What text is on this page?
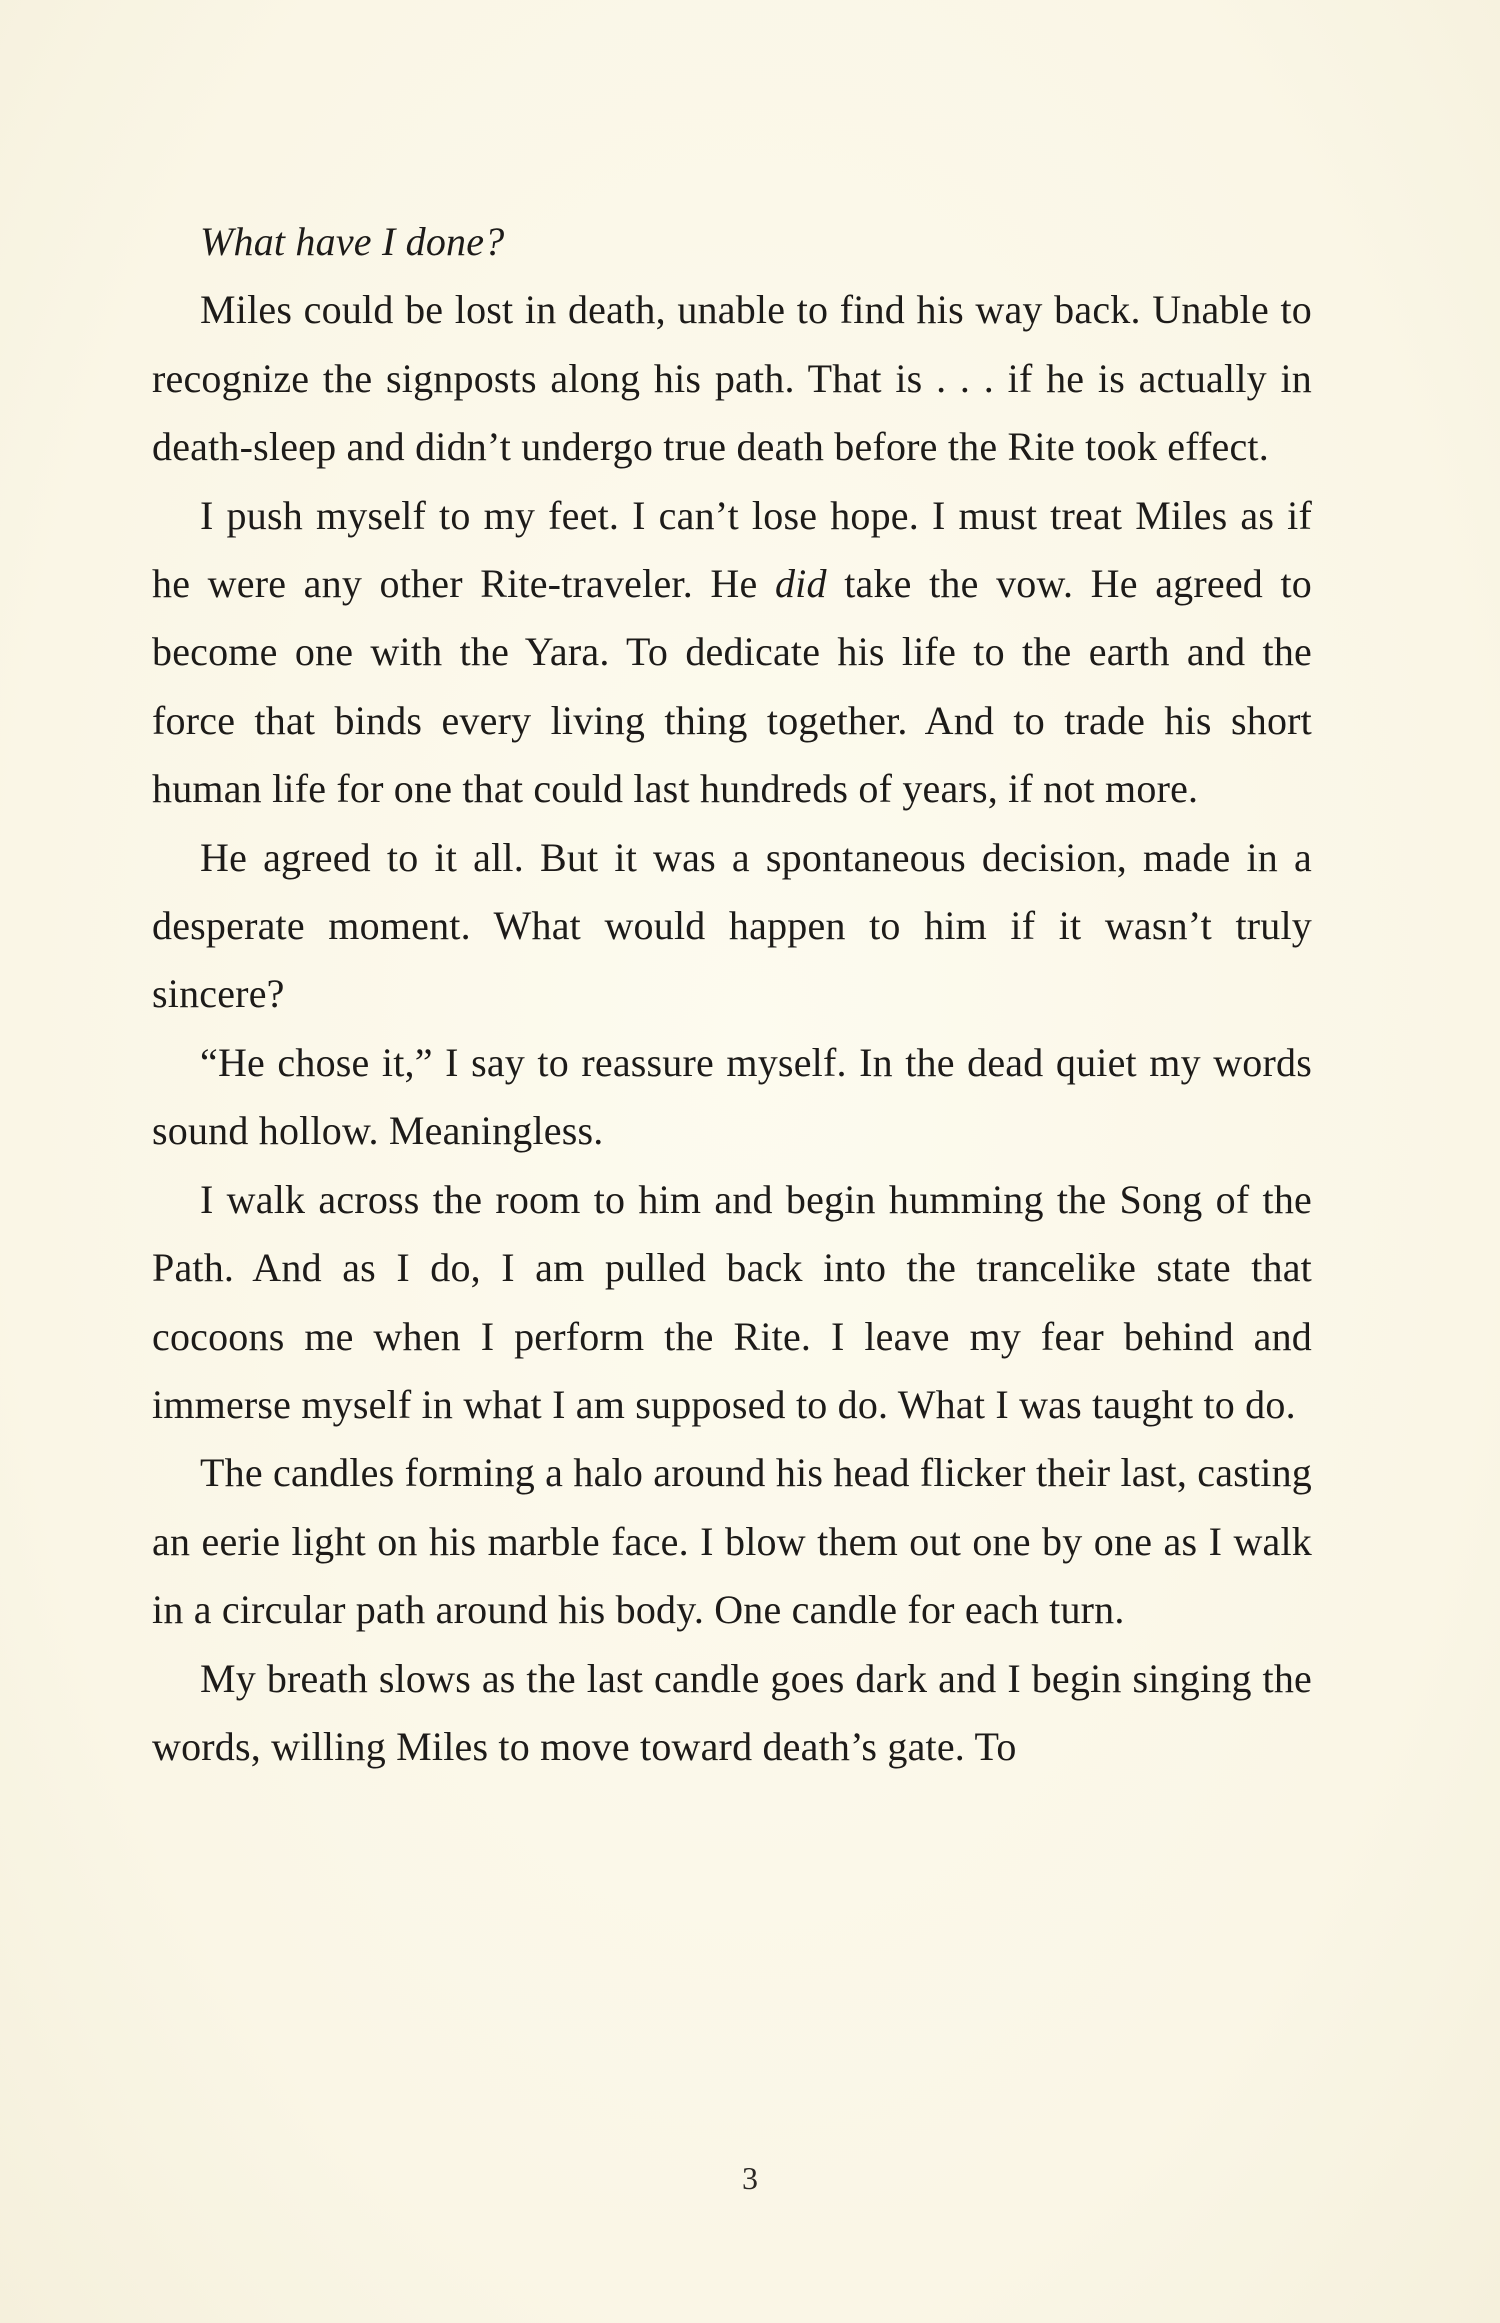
What have I done?

Miles could be lost in death, unable to find his way back. Unable to recognize the signposts along his path. That is . . . if he is actually in death-sleep and didn’t undergo true death before the Rite took effect.

I push myself to my feet. I can’t lose hope. I must treat Miles as if he were any other Rite-traveler. He did take the vow. He agreed to become one with the Yara. To dedicate his life to the earth and the force that binds every living thing together. And to trade his short human life for one that could last hundreds of years, if not more.

He agreed to it all. But it was a spontaneous decision, made in a desperate moment. What would happen to him if it wasn’t truly sincere?

“He chose it,” I say to reassure myself. In the dead quiet my words sound hollow. Meaningless.

I walk across the room to him and begin humming the Song of the Path. And as I do, I am pulled back into the trancelike state that cocoons me when I perform the Rite. I leave my fear behind and immerse myself in what I am supposed to do. What I was taught to do.

The candles forming a halo around his head flicker their last, casting an eerie light on his marble face. I blow them out one by one as I walk in a circular path around his body. One candle for each turn.

My breath slows as the last candle goes dark and I begin singing the words, willing Miles to move toward death’s gate. To

3
